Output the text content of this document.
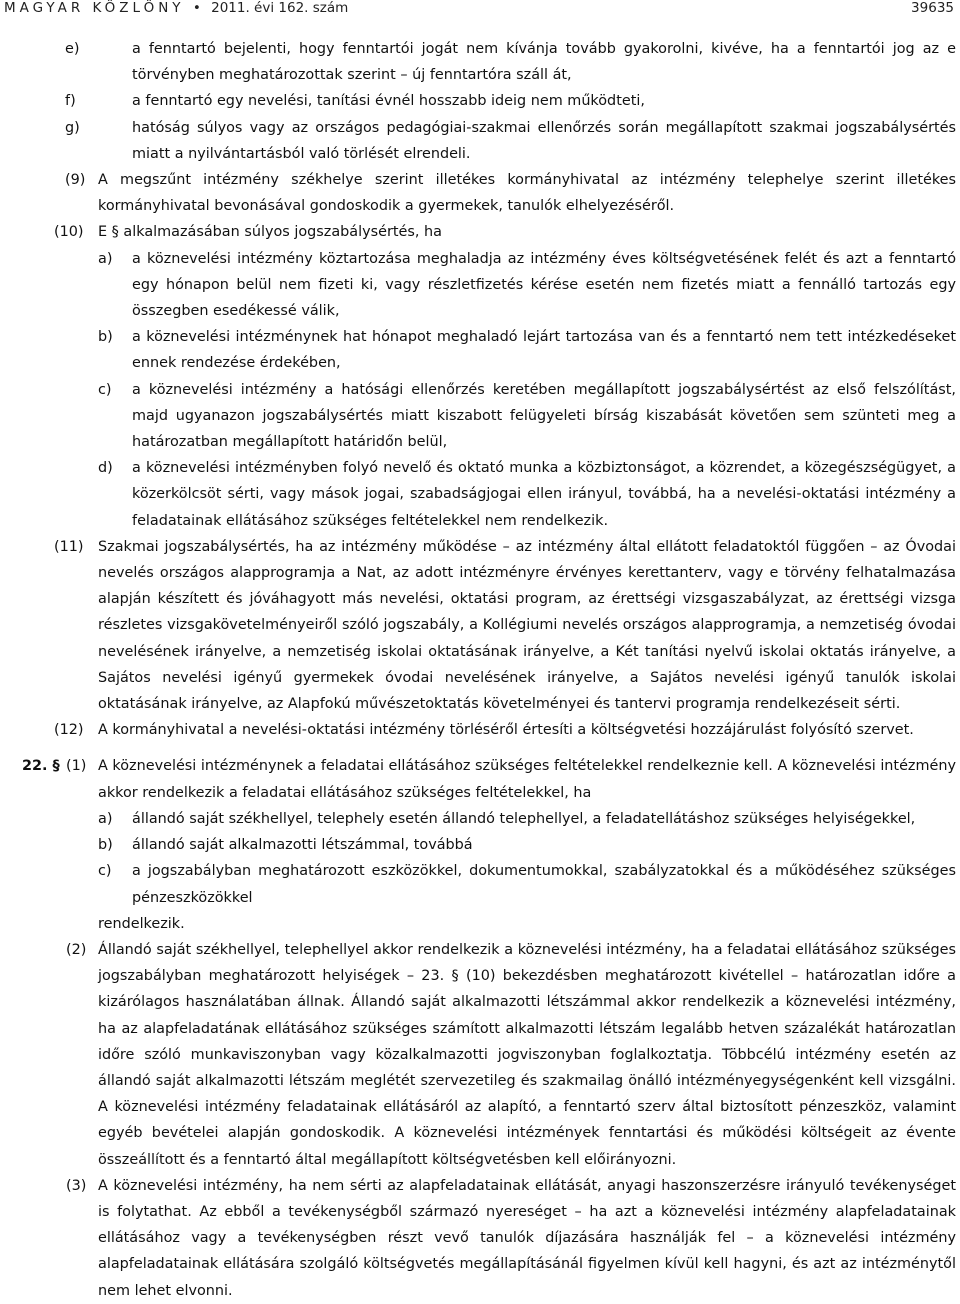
MAGYAR KÖZLÖNY • 2011. évi 162. szám	39635
e)	a fenntartó bejelenti, hogy fenntartói jogát nem kívánja tovább gyakorolni, kivéve, ha a fenntartói jog az e törvényben meghatározottak szerint – új fenntartóra száll át,
f)	a fenntartó egy nevelési, tanítási évnél hosszabb ideig nem működteti,
g)	hatóság súlyos vagy az országos pedagógiai-szakmai ellenőrzés során megállapított szakmai jogszabálysértés miatt a nyilvántartásból való törlését elrendeli.
(9) A megszűnt intézmény székhelye szerint illetékes kormányhivatal az intézmény telephelye szerint illetékes kormányhivatal bevonásával gondoskodik a gyermekek, tanulók elhelyezéséről.
(10) E § alkalmazásában súlyos jogszabálysértés, ha
a) a köznevelési intézmény köztartozása meghaladja az intézmény éves költségvetésének felét és azt a fenntartó egy hónapon belül nem fizeti ki, vagy részletfizetés kérése esetén nem fizetés miatt a fennálló tartozás egy összegben esedékessé válik,
b) a köznevelési intézménynek hat hónapot meghaladó lejárt tartozása van és a fenntartó nem tett intézkedéseket ennek rendezése érdekében,
c) a köznevelési intézmény a hatósági ellenőrzés keretében megállapított jogszabálysértést az első felszólítást, majd ugyanazon jogszabálysértés miatt kiszabott felügyeleti bírság kiszabását követően sem szünteti meg a határozatban megállapított határidőn belül,
d) a köznevelési intézményben folyó nevelő és oktató munka a közbiztonságot, a közrendet, a közegészségügyet, a közerkölcsöt sérti, vagy mások jogai, szabadságjogai ellen irányul, továbbá, ha a nevelési-oktatási intézmény a feladatainak ellátásához szükséges feltételekkel nem rendelkezik.
(11) Szakmai jogszabálysértés, ha az intézmény működése – az intézmény által ellátott feladatoktól függően – az Óvodai nevelés országos alapprogramja a Nat, az adott intézményre érvényes kerettanterv, vagy e törvény felhatalmazása alapján készített és jóváhagyott más nevelési, oktatási program, az érettségi vizsgaszabályzat, az érettségi vizsga részletes vizsgakövetelményeiről szóló jogszabály, a Kollégiumi nevelés országos alapprogramja, a nemzetiség óvodai nevelésének irányelve, a nemzetiség iskolai oktatásának irányelve, a Két tanítási nyelvű iskolai oktatás irányelve, a Sajátos nevelési igényű gyermekek óvodai nevelésének irányelve, a Sajátos nevelési igényű tanulók iskolai oktatásának irányelve, az Alapfokú művészetoktatás követelményei és tantervi programja rendelkezéseit sérti.
(12) A kormányhivatal a nevelési-oktatási intézmény törléséről értesíti a költségvetési hozzájárulást folyósító szervet.
22. § (1) A köznevelési intézménynek a feladatai ellátásához szükséges feltételekkel rendelkeznie kell. A köznevelési intézmény akkor rendelkezik a feladatai ellátásához szükséges feltételekkel, ha
a) állandó saját székhellyel, telephely esetén állandó telephellyel, a feladatellátáshoz szükséges helyiségekkel,
b) állandó saját alkalmazotti létszámmal, továbbá
c) a jogszabályban meghatározott eszközökkel, dokumentumokkal, szabályzatokkal és a működéséhez szükséges pénzeszközökkel
rendelkezik.
(2) Állandó saját székhellyel, telephellyel akkor rendelkezik a köznevelési intézmény, ha a feladatai ellátásához szükséges jogszabályban meghatározott helyiségek – 23. § (10) bekezdésben meghatározott kivétellel – határozatlan időre a kizárólagos használatában állnak. Állandó saját alkalmazotti létszámmal akkor rendelkezik a köznevelési intézmény, ha az alapfeladatának ellátásához szükséges számított alkalmazotti létszám legalább hetven százalékát határozatlan időre szóló munkaviszonyban vagy közalkalmazotti jogviszonyban foglalkoztatja. Többcélú intézmény esetén az állandó saját alkalmazotti létszám meglétét szervezetileg és szakmailag önálló intézményegységenként kell vizsgálni. A köznevelési intézmény feladatainak ellátásáról az alapító, a fenntartó szerv által biztosított pénzeszköz, valamint egyéb bevételei alapján gondoskodik. A köznevelési intézmények fenntartási és működési költségeit az évente összeállított és a fenntartó által megállapított költségvetésben kell előirányozni.
(3) A köznevelési intézmény, ha nem sérti az alapfeladatainak ellátását, anyagi haszonszerzésre irányuló tevékenységet is folytathat. Az ebből a tevékenységből származó nyereséget – ha azt a köznevelési intézmény alapfeladatainak ellátásához vagy a tevékenységben részt vevő tanulók díjazására használják fel – a köznevelési intézmény alapfeladatainak ellátására szolgáló költségvetés megállapításánál figyelmen kívül kell hagyni, és azt az intézménytől nem lehet elvonni.
